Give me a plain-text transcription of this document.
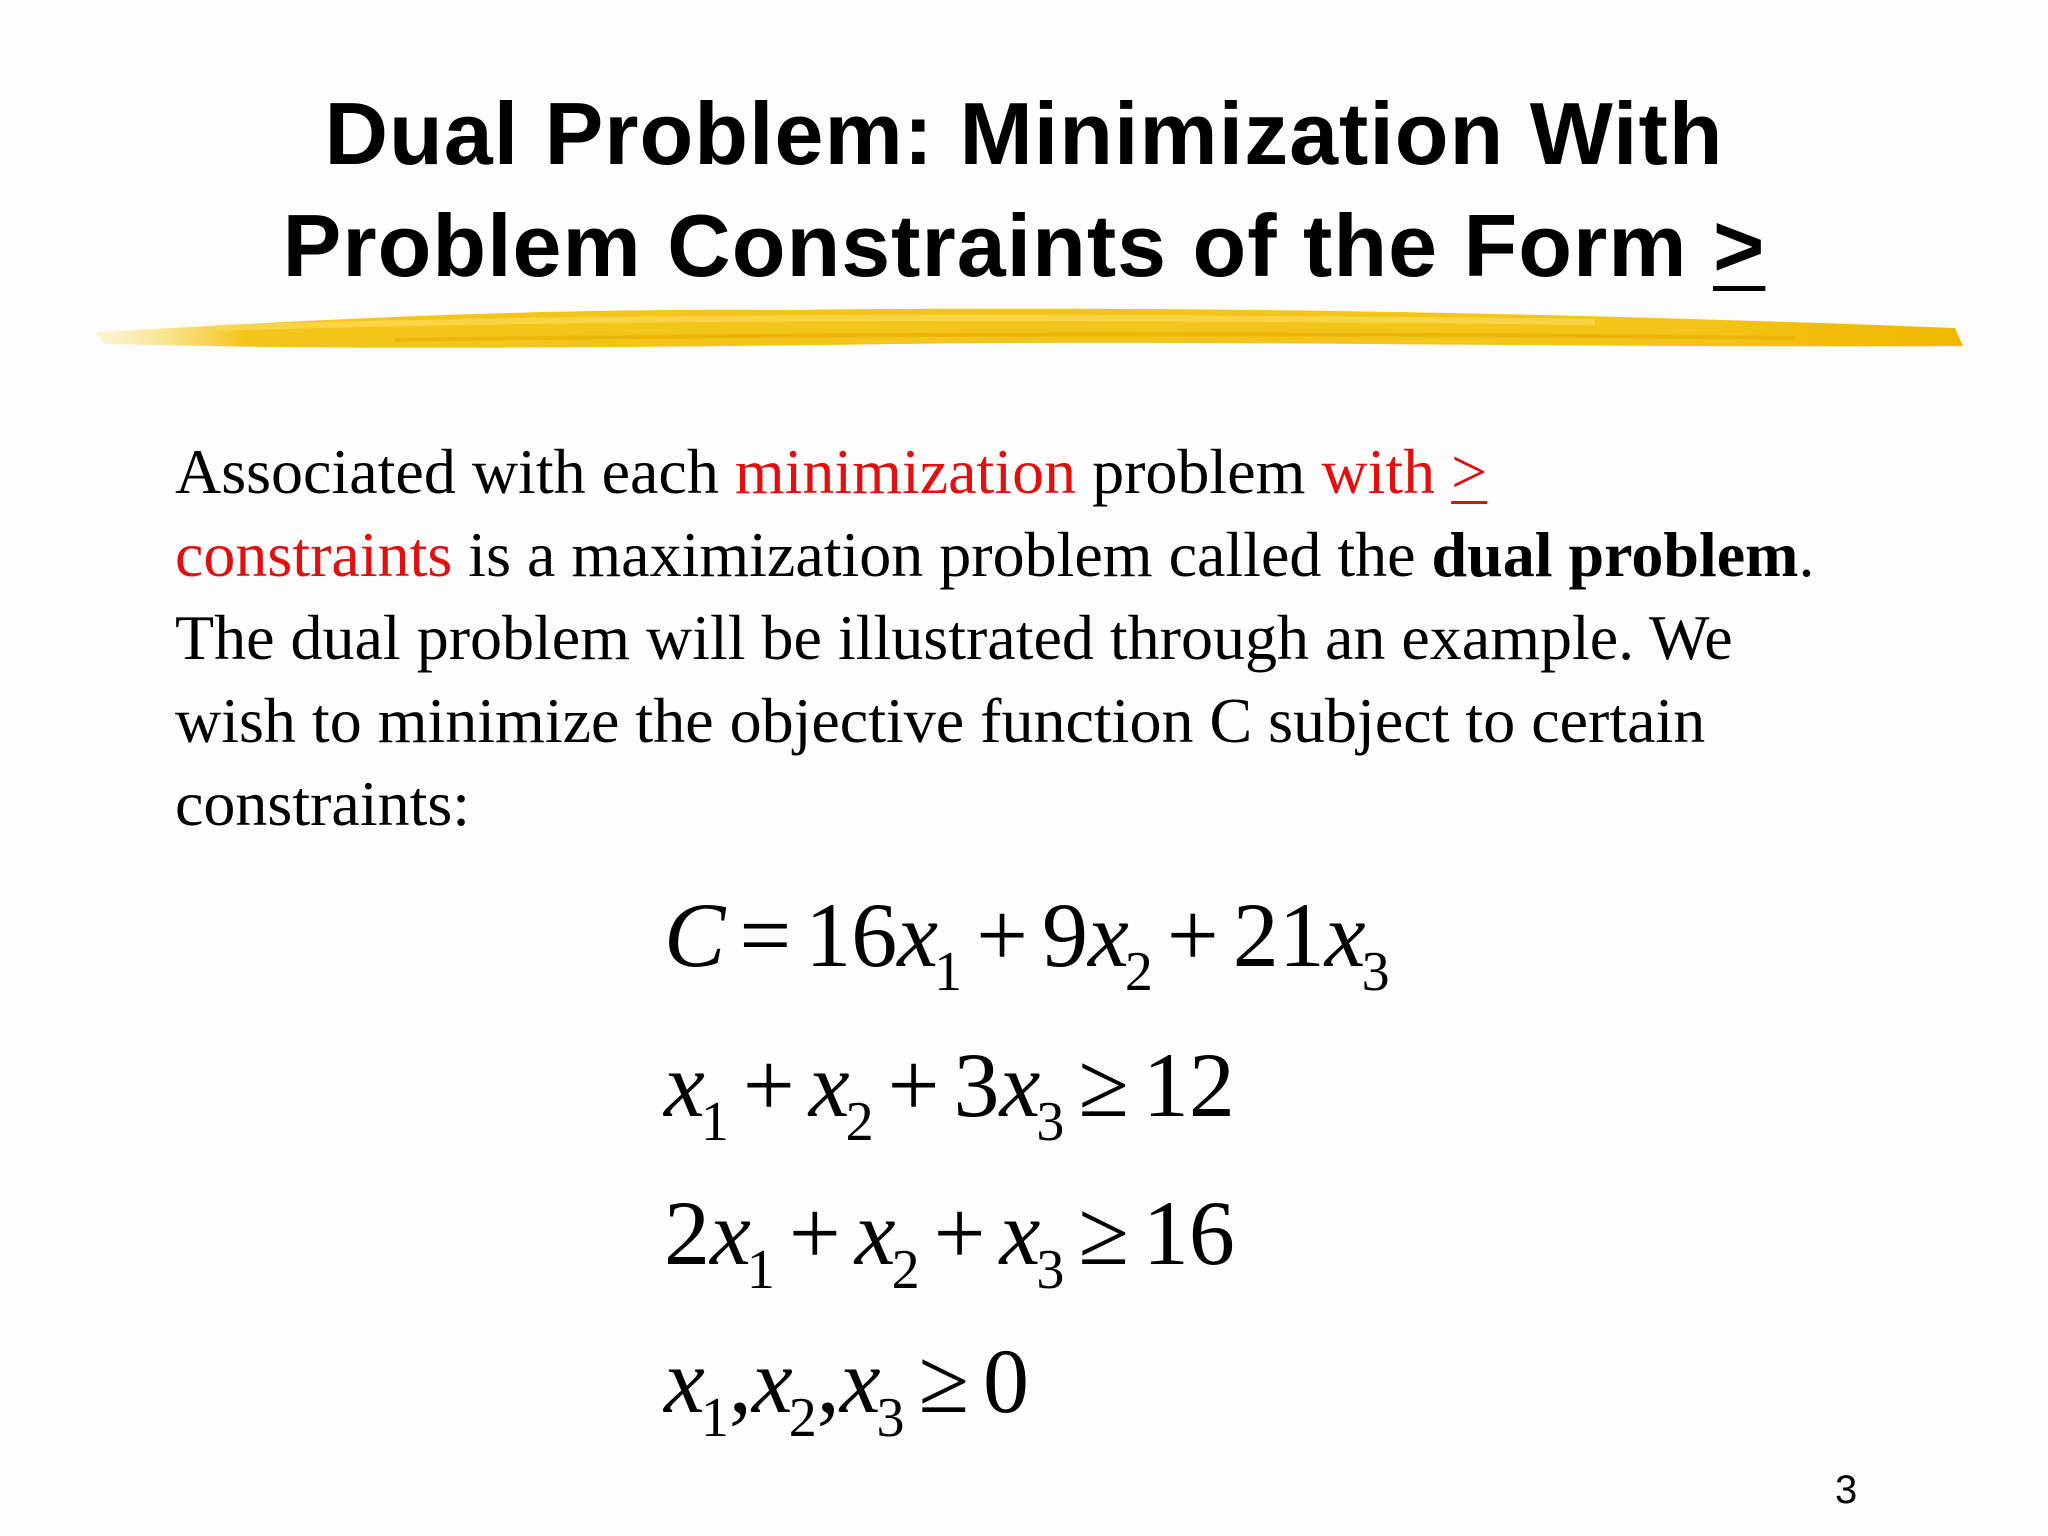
Dual Problem: Minimization With
Problem Constraints of the Form >
Associated with each minimization problem with >
constraints is a maximization problem called the dual problem. The dual problem will be illustrated through an example. We wish to minimize the objective function C subject to certain constraints:
$C = 16x_1 + 9x_2 + 21x_3$
$x_1 + x_2 + 3x_3 \ge 12$
$2x_1 + x_2 + x_3 \ge 16$
$x_1,x_2,x_3 \ge 0$
3
